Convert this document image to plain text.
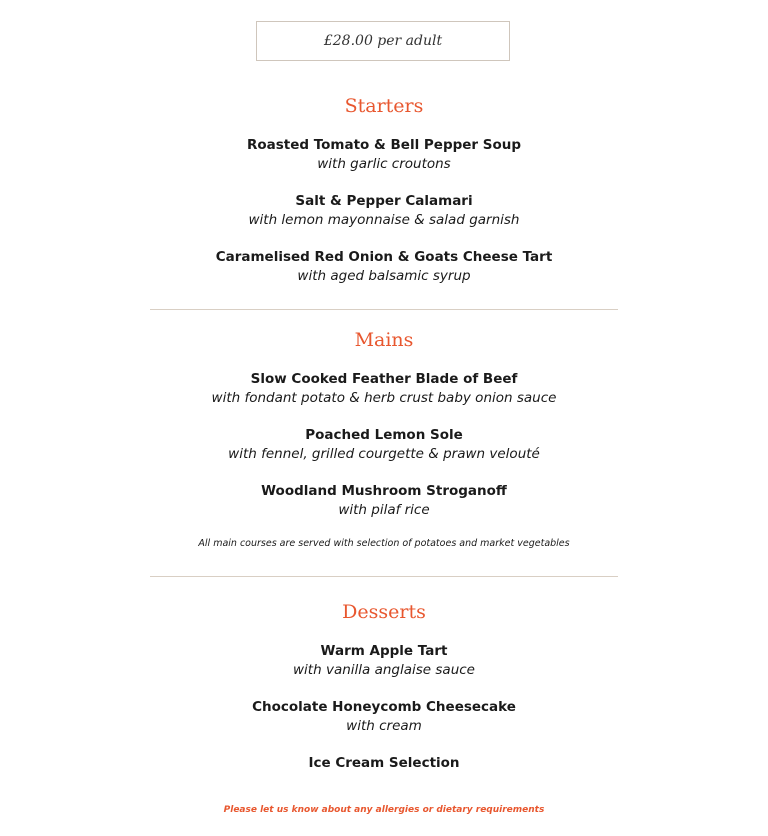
£28.00 per adult
Starters
Roasted Tomato & Bell Pepper Soup
with garlic croutons
Salt & Pepper Calamari
with lemon mayonnaise & salad garnish
Caramelised Red Onion & Goats Cheese Tart
with aged balsamic syrup
Mains
Slow Cooked Feather Blade of Beef
with fondant potato & herb crust baby onion sauce
Poached Lemon Sole
with fennel, grilled courgette & prawn velouté
Woodland Mushroom Stroganoff
with pilaf rice
All main courses are served with selection of potatoes and market vegetables
Desserts
Warm Apple Tart
with vanilla anglaise sauce
Chocolate Honeycomb Cheesecake
with cream
Ice Cream Selection
Please let us know about any allergies or dietary requirements
